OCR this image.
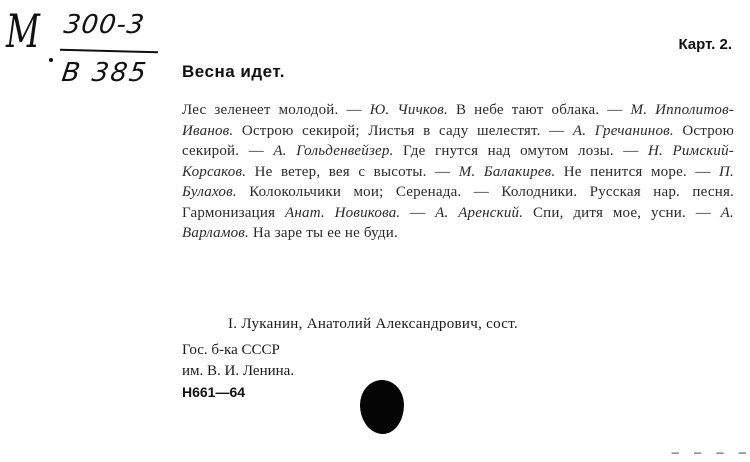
М 300-3
В 385
Карт. 2.
Весна идет.
Лес зеленеет молодой. — Ю. Чичков. В небе тают облака. — М. Ипполитов-Иванов. Острою секирой; Листья в саду шелестят. — А. Гречанинов. Острою секирой. — А. Гольденвейзер. Где гнутся над омутом лозы. — Н. Римский-Корсаков. Не ветер, вея с высоты. — М. Балакирев. Не пенится море. — П. Булахов. Колокольчики мои; Серенада. — Колодники. Русская нар. песня. Гармонизация Анат. Новикова. — А. Аренский. Спи, дитя мое, усни. — А. Варламов. На заре ты ее не буди.
I. Луканин, Анатолий Александрович, сост.
Гос. б-ка СССР
им. В. И. Ленина.
Н661—64
— — — —
